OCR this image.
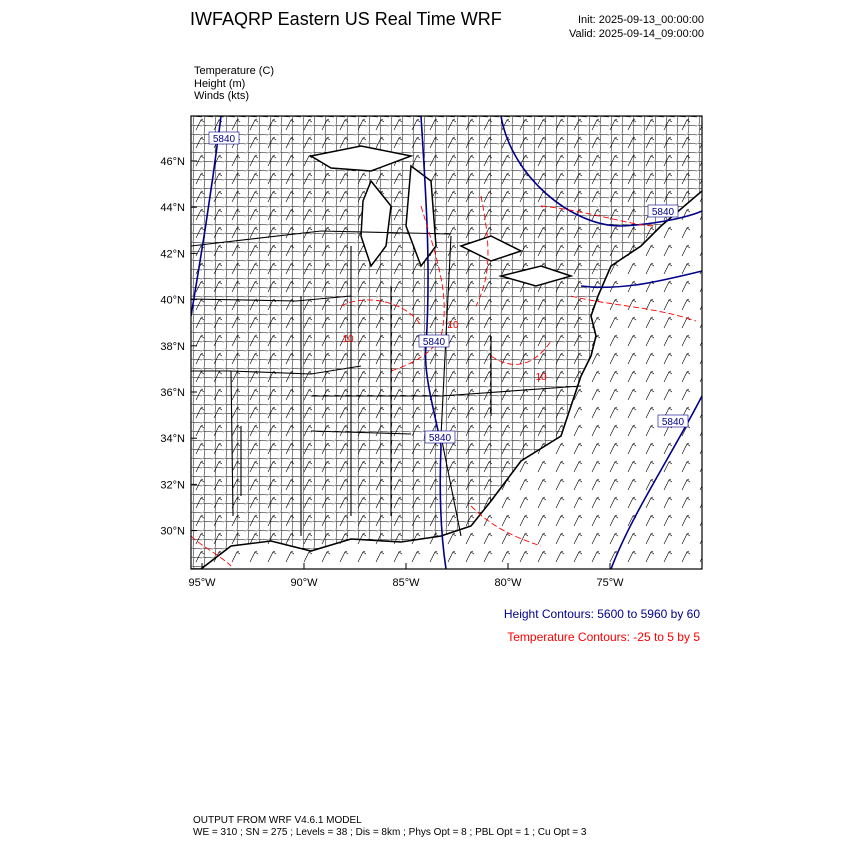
IWFAQRP Eastern US Real Time WRF	Init: 2025-09-13_00:00:00
Valid: 2025-09-14_09:00:00
Temperature (C)
Height (m)
Winds (kts)
46°N
44°N
42°N
40°N
38°N
36°N
34°N
32°N
30°N
95°W	90°W	85°W	80°W	75°W
5840
5840
5840
5840
5840
10
10
10
Height Contours: 5600 to 5960 by 60
Temperature Contours: -25 to 5 by 5
OUTPUT FROM WRF V4.6.1 MODEL
WE = 310 ; SN = 275 ; Levels = 38 ; Dis = 8km ; Phys Opt = 8 ; PBL Opt = 1 ; Cu Opt = 3
